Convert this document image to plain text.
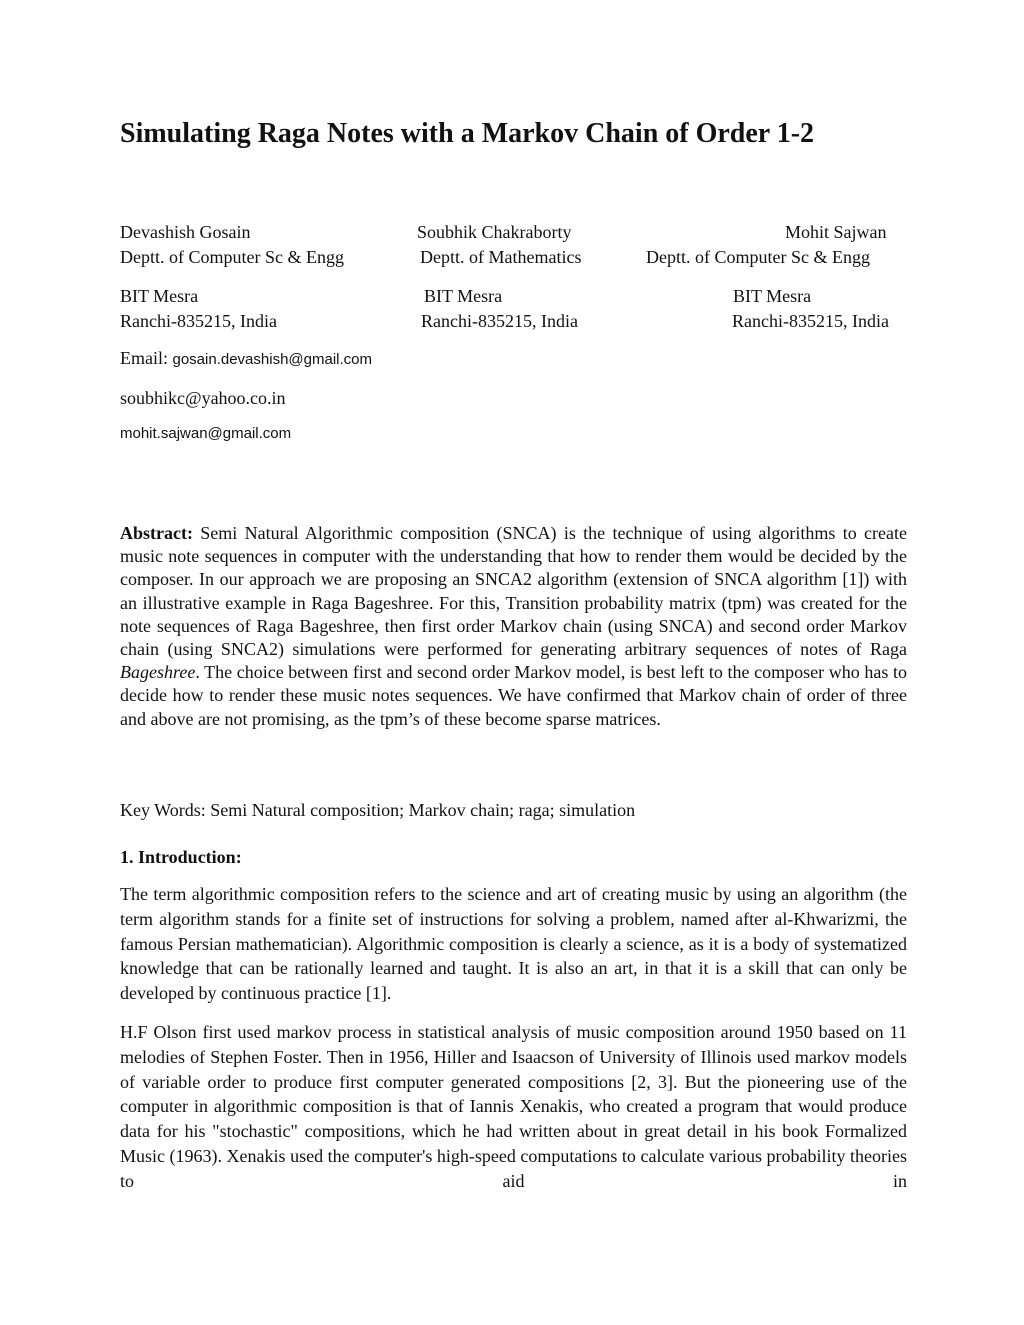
Simulating Raga Notes with a Markov Chain of Order 1-2
Devashish Gosain
Deptt. of Computer Sc & Engg
BIT Mesra
Ranchi-835215, India
Soubhik Chakraborty
Deptt. of Mathematics
BIT Mesra
Ranchi-835215, India
Mohit Sajwan
Deptt. of Computer Sc & Engg
BIT Mesra
Ranchi-835215, India
Email: gosain.devashish@gmail.com
soubhikc@yahoo.co.in
mohit.sajwan@gmail.com

Abstract: Semi Natural Algorithmic composition (SNCA) is the technique of using algorithms to create music note sequences in computer with the understanding that how to render them would be decided by the composer. In our approach we are proposing an SNCA2 algorithm (extension of SNCA algorithm [1]) with an illustrative example in Raga Bageshree. For this, Transition probability matrix (tpm) was created for the note sequences of Raga Bageshree, then first order Markov chain (using SNCA) and second order Markov chain (using SNCA2) simulations were performed for generating arbitrary sequences of notes of Raga Bageshree. The choice between first and second order Markov model, is best left to the composer who has to decide how to render these music notes sequences. We have confirmed that Markov chain of order of three and above are not promising, as the tpm’s of these become sparse matrices.

Key Words: Semi Natural composition; Markov chain; raga; simulation
1. Introduction:

The term algorithmic composition refers to the science and art of creating music by using an algorithm (the term algorithm stands for a finite set of instructions for solving a problem, named after al-Khwarizmi, the famous Persian mathematician). Algorithmic composition is clearly a science, as it is a body of systematized knowledge that can be rationally learned and taught. It is also an art, in that it is a skill that can only be developed by continuous practice [1].

H.F Olson first used markov process in statistical analysis of music composition around 1950 based on 11 melodies of Stephen Foster. Then in 1956, Hiller and Isaacson of University of Illinois used markov models of variable order to produce first computer generated compositions [2, 3]. But the pioneering use of the computer in algorithmic composition is that of Iannis Xenakis, who created a program that would produce data for his "stochastic" compositions, which he had written about in great detail in his book Formalized Music (1963). Xenakis used the computer's high-speed computations to calculate various probability theories to aid in
